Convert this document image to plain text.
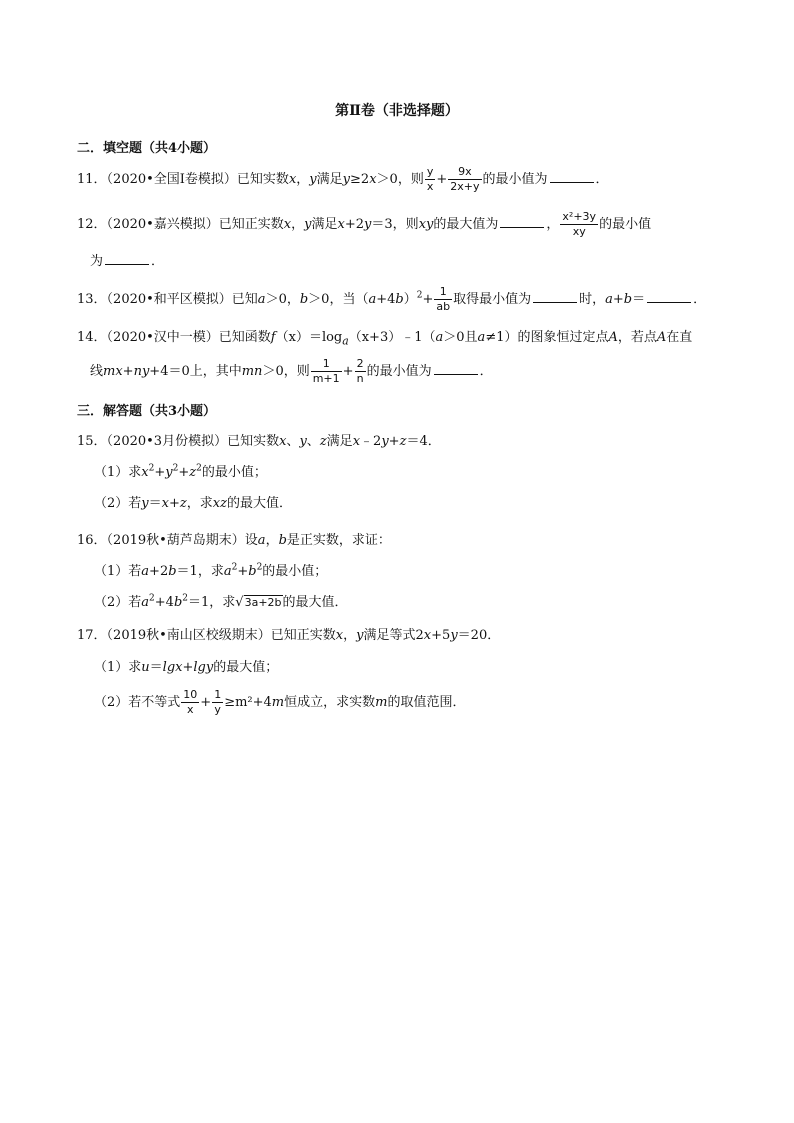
第Ⅱ卷（非选择题）
二．填空题（共4小题）
11．（2020•全国Ⅰ卷模拟）已知实数x，y满足y≥2x＞0，则 $\frac{y}{x} + \frac{9x}{2x+y}$ 的最小值为	．
12．（2020•嘉兴模拟）已知正实数x，y满足x+2y＝3，则xy的最大值为	， $\frac{\text{x²+3y}}{xy}$ 的最小值
为	．
13．（2020•和平区模拟）已知a＞0，b＞0，当$(a+4b)^2+ \frac{1}{ab}$ 取得最小值为	时，a+b＝	．
14．（2020•汉中一模）已知函数$f(x)=\log_a(x+3)﹣1(a>0$且a≠1）的图象恒过定点A，若点A在直
线mx+ny+4＝0上，其中mn＞0，则 $\frac{1}{m+1} + \frac{2}{n}$ 的最小值为	．
三．解答题（共3小题）
15．（2020•3月份模拟）已知实数x、y、z满足x﹣2y+z＝4．
（1）求$x^2+y^2+z^2$的最小值；
（2）若y＝x+z，求xz的最大值．
16．（2019秋•葫芦岛期末）设a，b是正实数，求证：
（1）若a+2b＝1，求$a^2+b^2$的最小值；
（2）若$a^2+4b^2=1$，求√3a+2b的最大值．
17．（2019秋•南山区校级期末）已知正实数x，y满足等式2x+5y＝20．
（1）求u＝lgx+lgy的最大值；
（2）若不等式 $\frac{10}{x} + \frac{1}{y} \ge m^2+4m$恒成立，求实数m的取值范围．
